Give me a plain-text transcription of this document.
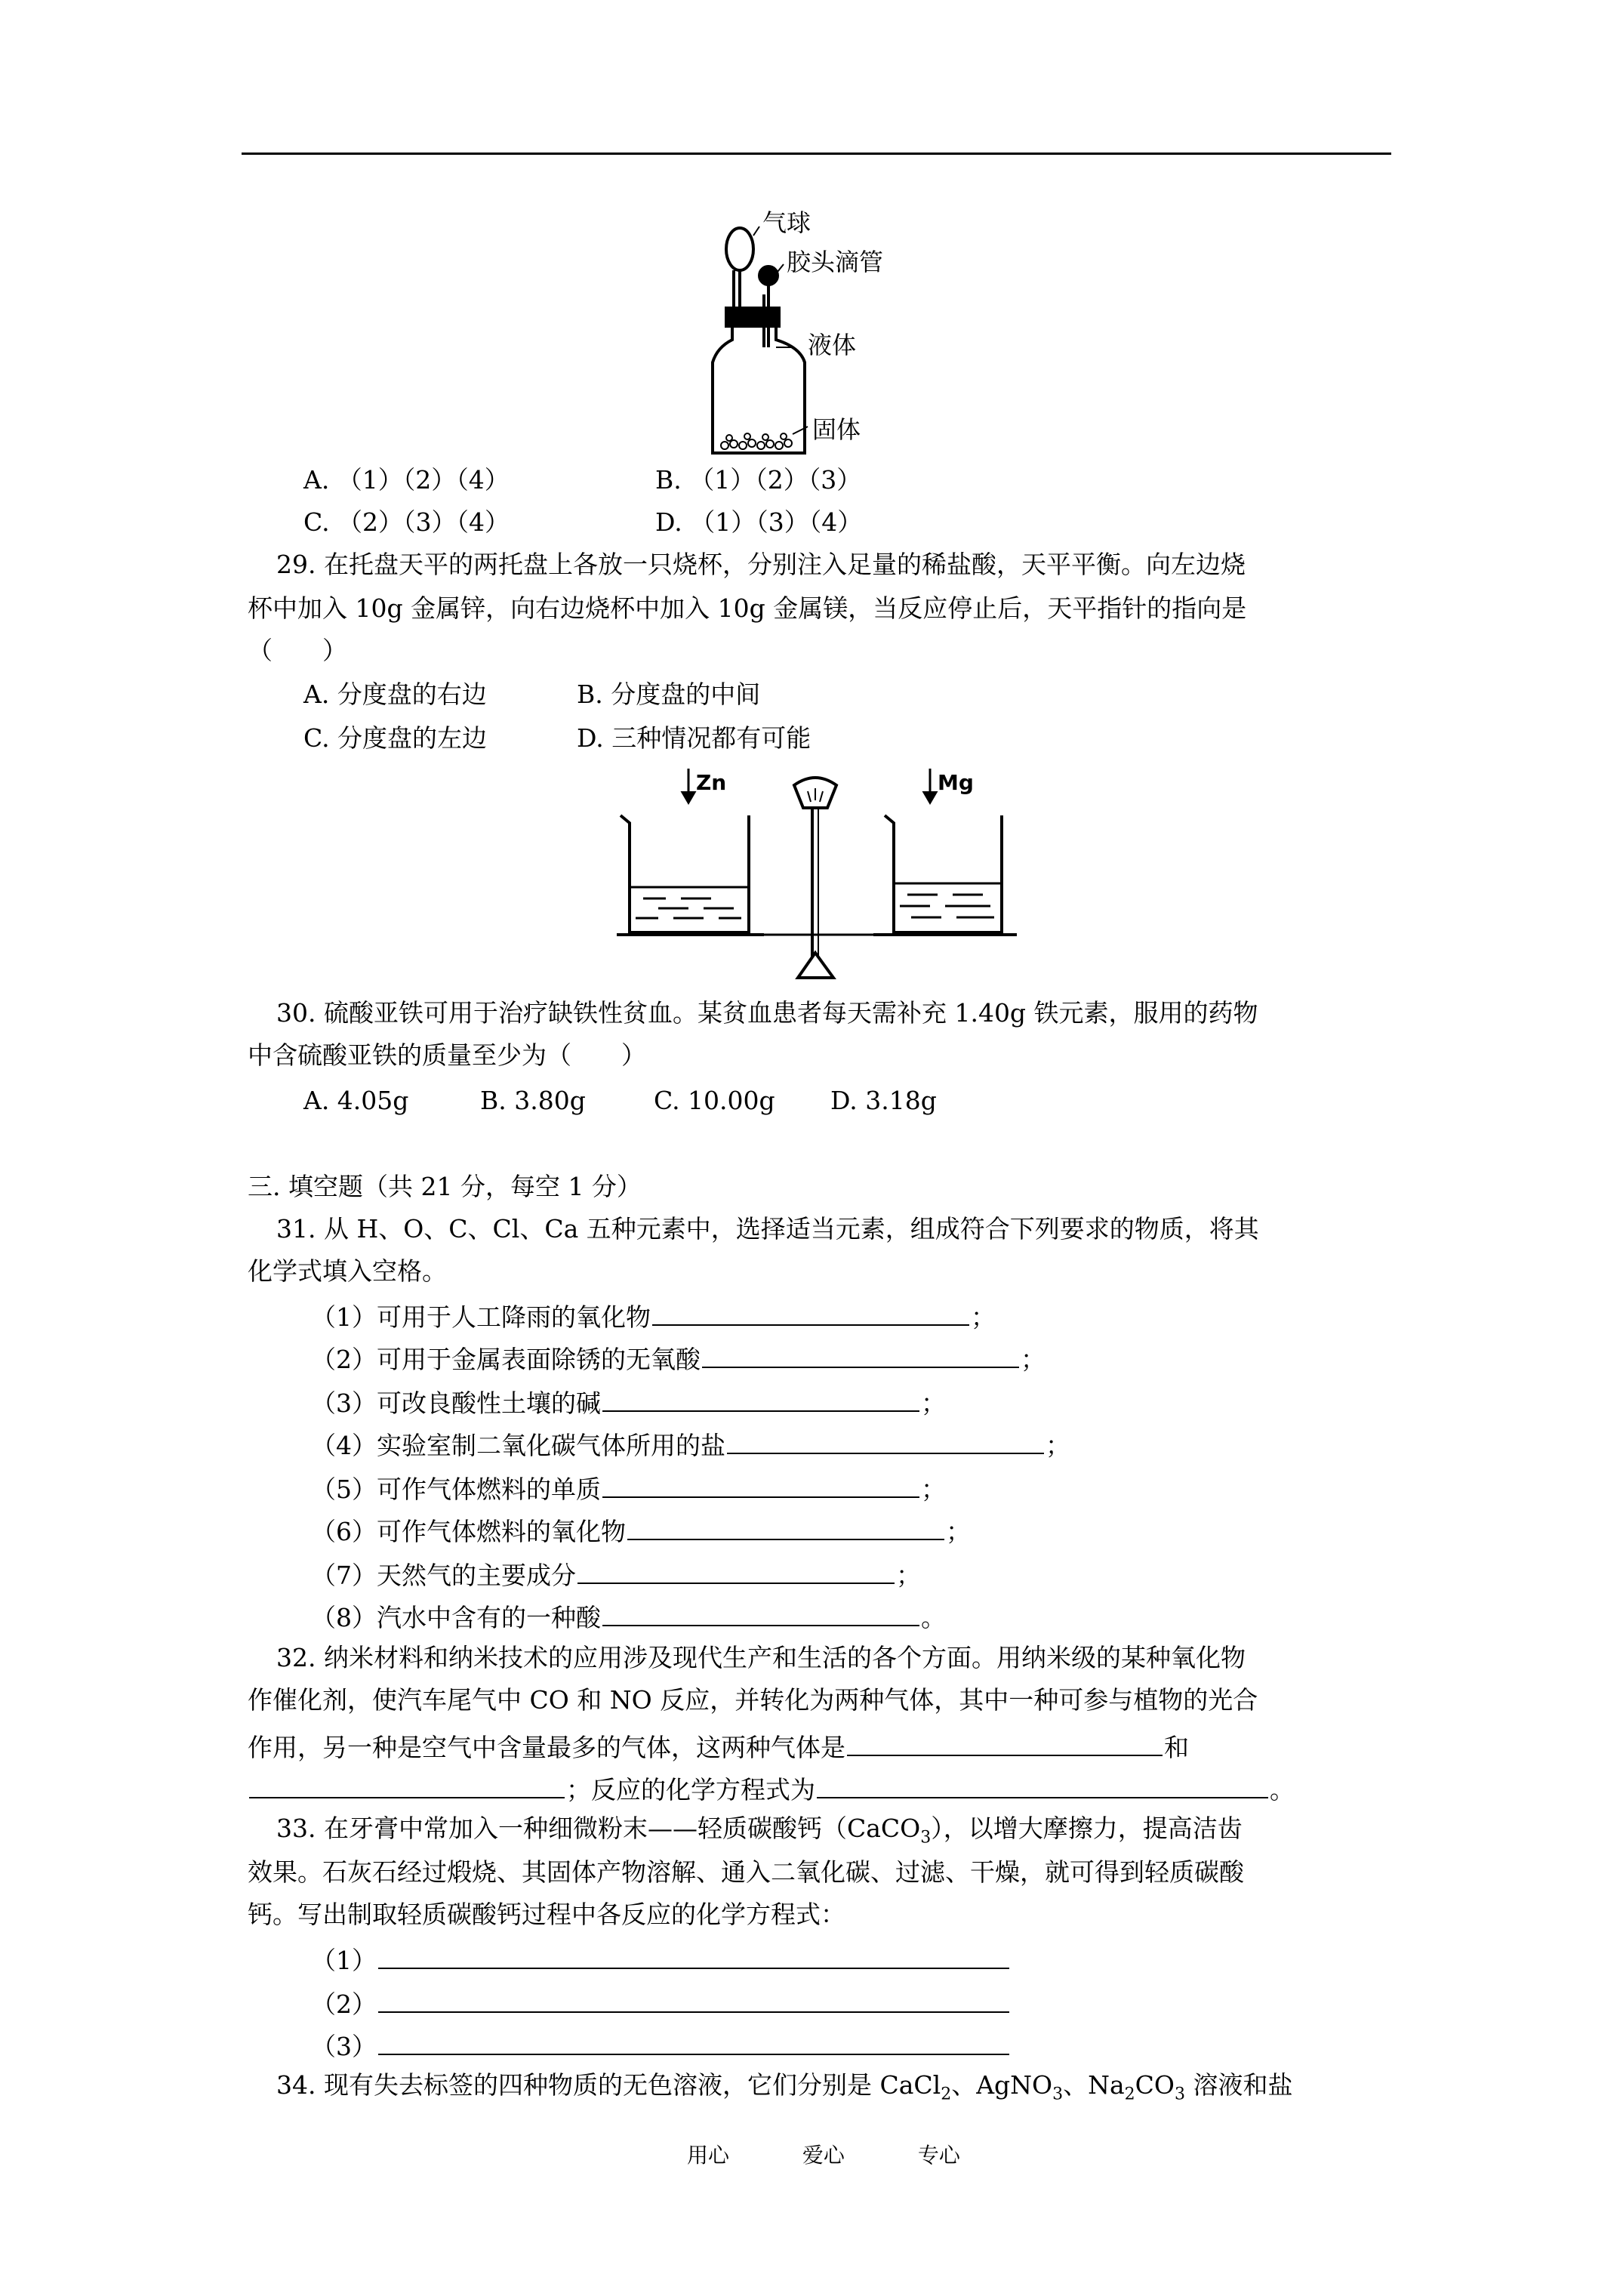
气球
胶头滴管
液体
固体
A. （1）（2）（4）	B. （1）（2）（3）
C. （2）（3）（4）	D. （1）（3）（4）
29. 在托盘天平的两托盘上各放一只烧杯，分别注入足量的稀盐酸，天平平衡。向左边烧
杯中加入 10g 金属锌，向右边烧杯中加入 10g 金属镁，当反应停止后，天平指针的指向是
（　　）
A. 分度盘的右边	B. 分度盘的中间
C. 分度盘的左边	D. 三种情况都有可能
Zn	Mg
30. 硫酸亚铁可用于治疗缺铁性贫血。某贫血患者每天需补充 1.40g 铁元素，服用的药物
中含硫酸亚铁的质量至少为（　　）
A. 4.05g	B. 3.80g	C. 10.00g D. 3.18g
三. 填空题（共 21 分，每空 1 分）
31. 从 H、O、C、Cl、Ca 五种元素中，选择适当元素，组成符合下列要求的物质，将其
化学式填入空格。
（1）可用于人工降雨的氧化物	；
（2）可用于金属表面除锈的无氧酸	；
（3）可改良酸性土壤的碱	；
（4）实验室制二氧化碳气体所用的盐	；
（5）可作气体燃料的单质	；
（6）可作气体燃料的氧化物	；
（7）天然气的主要成分	；
（8）汽水中含有的一种酸	。
32. 纳米材料和纳米技术的应用涉及现代生产和生活的各个方面。用纳米级的某种氧化物
作催化剂，使汽车尾气中 CO 和 NO 反应，并转化为两种气体，其中一种可参与植物的光合
作用，另一种是空气中含量最多的气体，这两种气体是	和
；反应的化学方程式为	。
33. 在牙膏中常加入一种细微粉末——轻质碳酸钙（CaCO$_3$），以增大摩擦力，提高洁齿
效果。石灰石经过煅烧、其固体产物溶解、通入二氧化碳、过滤、干燥，就可得到轻质碳酸
钙。写出制取轻质碳酸钙过程中各反应的化学方程式：
（1）
（2）
（3）
34. 现有失去标签的四种物质的无色溶液，它们分别是 CaCl$_2$、AgNO$_3$、$Na_2CO_3$ 溶液和盐
用心	爱心	专心
